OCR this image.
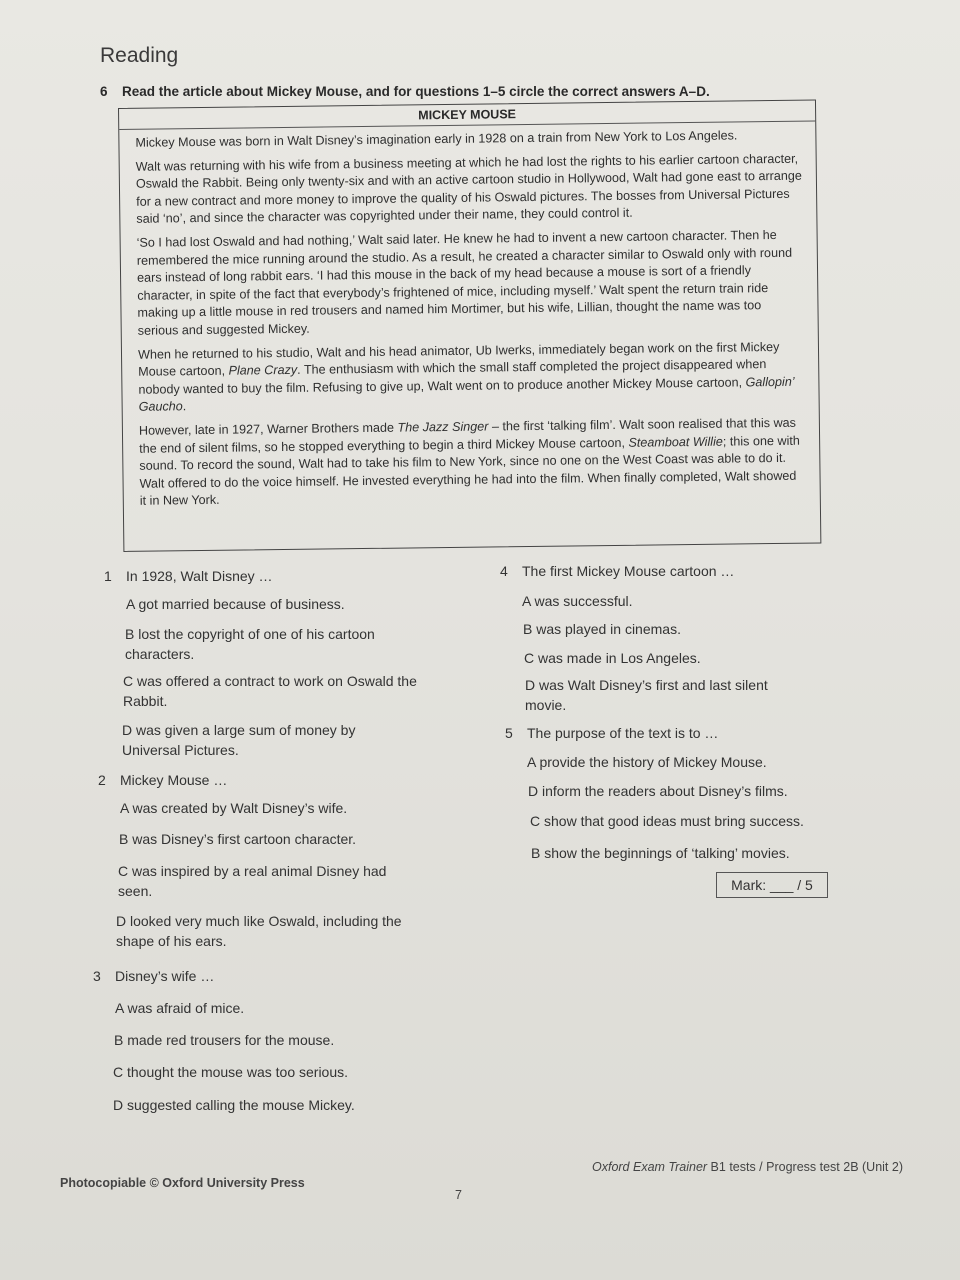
Reading
6 Read the article about Mickey Mouse, and for questions 1–5 circle the correct answers A–D.
MICKEY MOUSE

Mickey Mouse was born in Walt Disney’s imagination early in 1928 on a train from New York to Los Angeles.

Walt was returning with his wife from a business meeting at which he had lost the rights to his earlier cartoon character, Oswald the Rabbit. Being only twenty-six and with an active cartoon studio in Hollywood, Walt had gone east to arrange for a new contract and more money to improve the quality of his Oswald pictures. The bosses from Universal Pictures said ‘no’, and since the character was copyrighted under their name, they could control it.

‘So I had lost Oswald and had nothing,’ Walt said later. He knew he had to invent a new cartoon character. Then he remembered the mice running around the studio. As a result, he created a character similar to Oswald only with round ears instead of long rabbit ears. ‘I had this mouse in the back of my head because a mouse is sort of a friendly character, in spite of the fact that everybody’s frightened of mice, including myself.’ Walt spent the return train ride making up a little mouse in red trousers and named him Mortimer, but his wife, Lillian, thought the name was too serious and suggested Mickey.

When he returned to his studio, Walt and his head animator, Ub Iwerks, immediately began work on the first Mickey Mouse cartoon, Plane Crazy. The enthusiasm with which the small staff completed the project disappeared when nobody wanted to buy the film. Refusing to give up, Walt went on to produce another Mickey Mouse cartoon, Gallopin’ Gaucho.

However, late in 1927, Warner Brothers made The Jazz Singer – the first ‘talking film’. Walt soon realised that this was the end of silent films, so he stopped everything to begin a third Mickey Mouse cartoon, Steamboat Willie; this one with sound. To record the sound, Walt had to take his film to New York, since no one on the West Coast was able to do it. Walt offered to do the voice himself. He invested everything he had into the film. When finally completed, Walt showed it in New York.

1 In 1928, Walt Disney …
A got married because of business.
B lost the copyright of one of his cartoon characters.
C was offered a contract to work on Oswald the Rabbit.
D was given a large sum of money by Universal Pictures.
2 Mickey Mouse …
A was created by Walt Disney’s wife.
B was Disney’s first cartoon character.
C was inspired by a real animal Disney had seen.
D looked very much like Oswald, including the shape of his ears.
3 Disney’s wife …
A was afraid of mice.
B made red trousers for the mouse.
C thought the mouse was too serious.
D suggested calling the mouse Mickey.
4 The first Mickey Mouse cartoon …
A was successful.
B was played in cinemas.
C was made in Los Angeles.
D was Walt Disney’s first and last silent movie.
5 The purpose of the text is to …
A provide the history of Mickey Mouse.
D inform the readers about Disney’s films.
C show that good ideas must bring success.
B show the beginnings of ‘talking’ movies.
Mark: ___ / 5
Photocopiable © Oxford University Press
Oxford Exam Trainer B1 tests / Progress test 2B (Unit 2)
7
